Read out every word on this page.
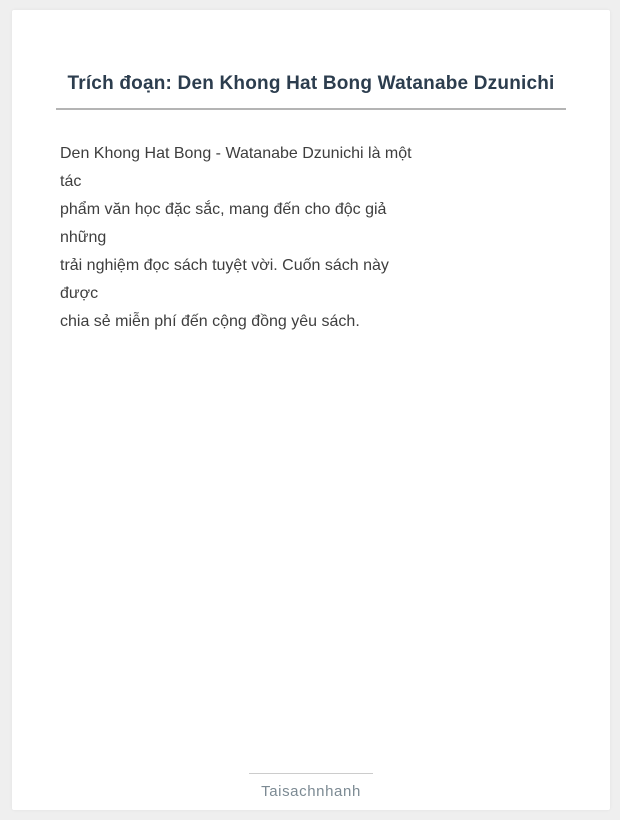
Trích đoạn: Den Khong Hat Bong Watanabe Dzunichi
Den Khong Hat Bong - Watanabe Dzunichi là một
tác
phẩm văn học đặc sắc, mang đến cho độc giả
những
trải nghiệm đọc sách tuyệt vời. Cuốn sách này
được
chia sẻ miễn phí đến cộng đồng yêu sách.
Taisachnhanh
